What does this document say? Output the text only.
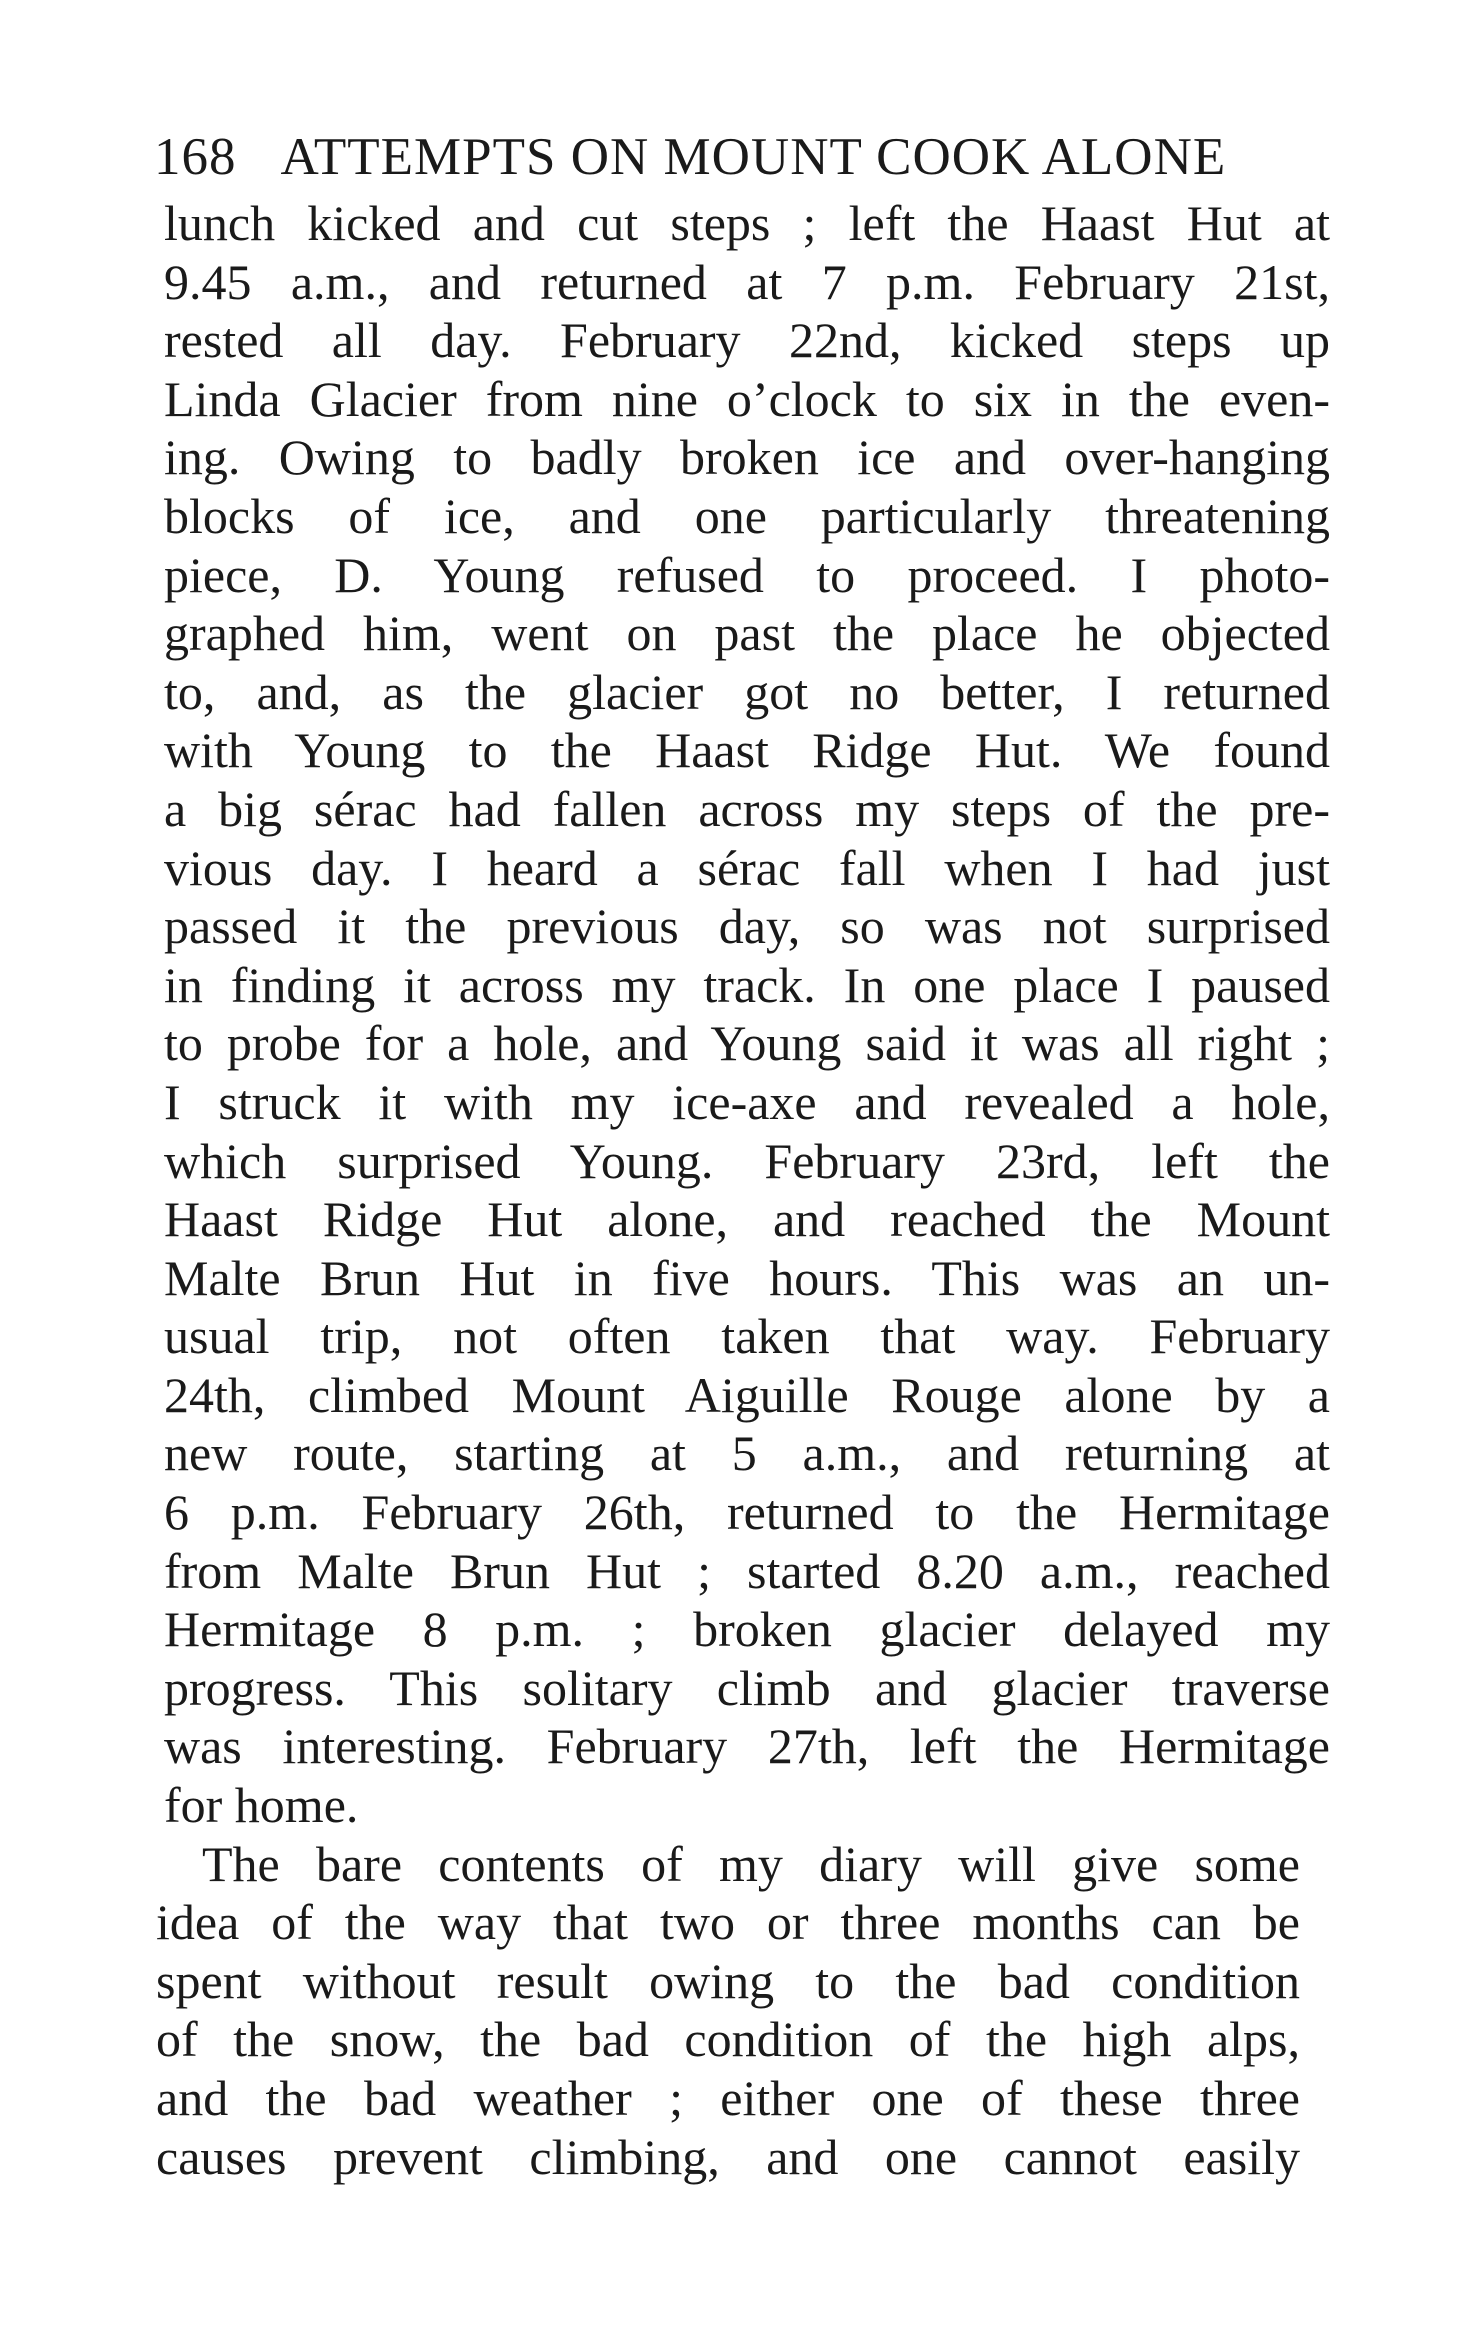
168 ATTEMPTS ON MOUNT COOK ALONE
lunch kicked and cut steps ; left the Haast Hut at
9.45 a.m., and returned at 7 p.m. February 21st,
rested all day. February 22nd, kicked steps up
Linda Glacier from nine o’clock to six in the even-
ing. Owing to badly broken ice and over-hanging
blocks of ice, and one particularly threatening
piece, D. Young refused to proceed. I photo-
graphed him, went on past the place he objected
to, and, as the glacier got no better, I returned
with Young to the Haast Ridge Hut. We found
a big sérac had fallen across my steps of the pre-
vious day. I heard a sérac fall when I had just
passed it the previous day, so was not surprised
in finding it across my track. In one place I paused
to probe for a hole, and Young said it was all right ;
I struck it with my ice-axe and revealed a hole,
which surprised Young. February 23rd, left the
Haast Ridge Hut alone, and reached the Mount
Malte Brun Hut in five hours. This was an un-
usual trip, not often taken that way. February
24th, climbed Mount Aiguille Rouge alone by a
new route, starting at 5 a.m., and returning at
6 p.m. February 26th, returned to the Hermitage
from Malte Brun Hut ; started 8.20 a.m., reached
Hermitage 8 p.m. ; broken glacier delayed my
progress. This solitary climb and glacier traverse
was interesting. February 27th, left the Hermitage
for home.
The bare contents of my diary will give some
idea of the way that two or three months can be
spent without result owing to the bad condition
of the snow, the bad condition of the high alps,
and the bad weather ; either one of these three
causes prevent climbing, and one cannot easily
